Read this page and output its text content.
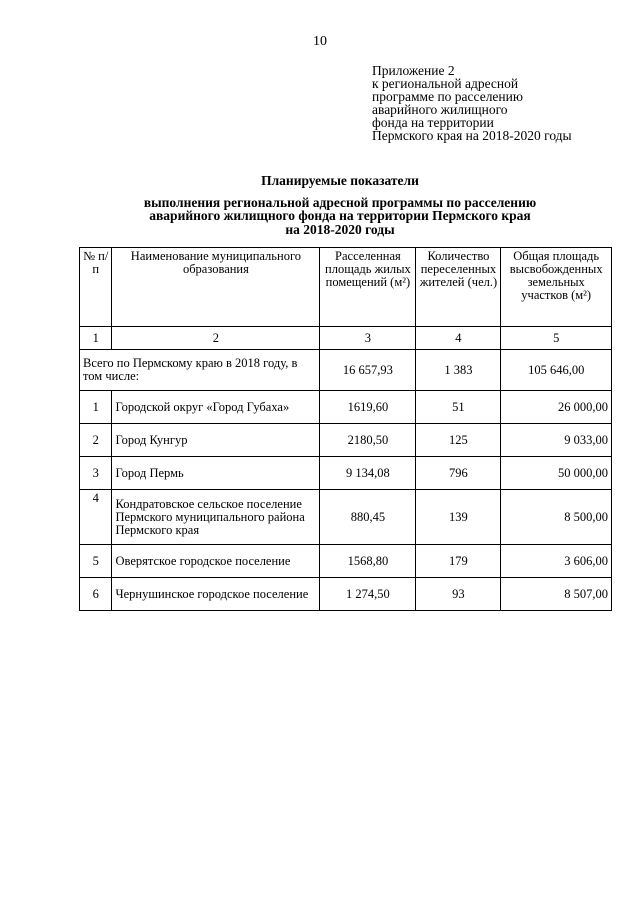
10
Приложение 2
к региональной адресной
программе по расселению
аварийного жилищного
фонда на территории
Пермского края на 2018-2020 годы
Планируемые показатели
выполнения региональной адресной программы по расселению
аварийного жилищного фонда на территории Пермского края
на 2018-2020 годы
№ п/п	Наименование муниципального образования	Расселенная площадь жилых помещений (м²)	Количество переселенных жителей (чел.)	Общая площадь высвобожденных земельных участков (м²)
1	2	3	4	5
Всего по Пермскому краю в 2018 году, в том числе:		16 657,93	1 383	105 646,00
1	Городской округ «Город Губаха»	1619,60	51	26 000,00
2	Город Кунгур	2180,50	125	9 033,00
3	Город Пермь	9 134,08	796	50 000,00
4	Кондратовское сельское поселение Пермского муниципального района Пермского края	880,45	139	8 500,00
5	Оверятское городское поселение	1568,80	179	3 606,00
6	Чернушинское городское поселение	1 274,50	93	8 507,00
